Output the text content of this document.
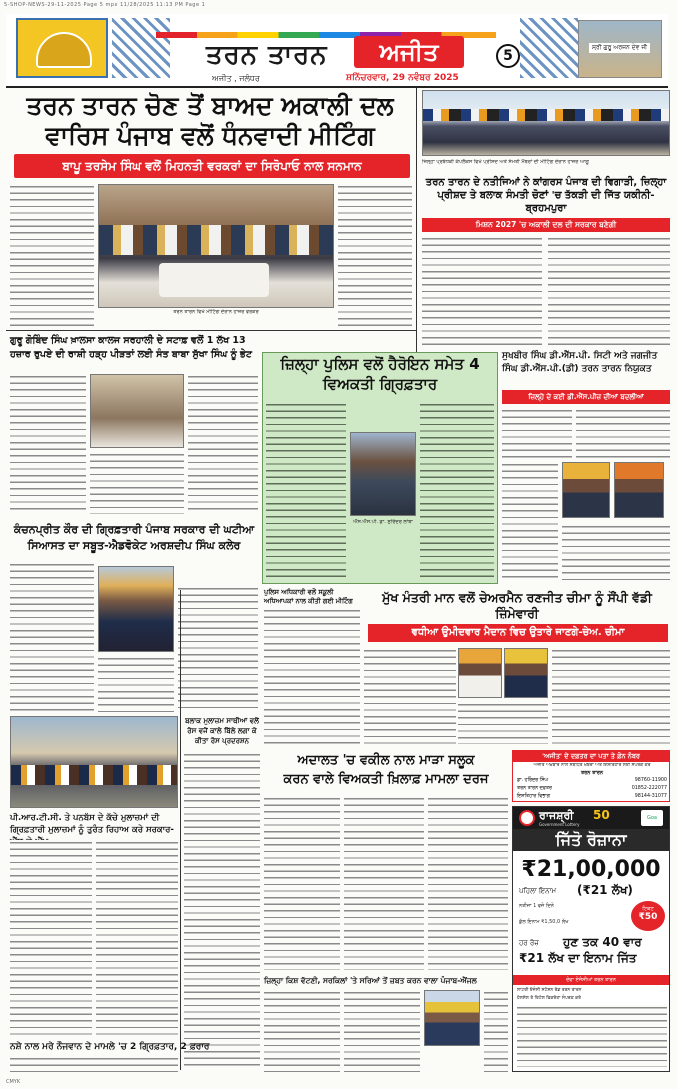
5-SHOP-NEWS-29-11-2025 Page 5 mpx 11/28/2025 11:13 PM Page 1
ਤਰਨ ਤਾਰਨ	ਅਜੀਤ
ਅਜੀਤ , ਜਲੰਧਰ	ਸ਼ਨਿੱਚਰਵਾਰ, 29 ਨਵੰਬਰ 2025
5
ਸ੍ਰੀ ਗੁਰੂ ਅਰਜਨ ਦੇਵ ਜੀ
ਤਰਨ ਤਾਰਨ ਚੋਣ ਤੋਂ ਬਾਅਦ ਅਕਾਲੀ ਦਲ
ਵਾਰਿਸ ਪੰਜਾਬ ਵਲੋਂ ਧੰਨਵਾਦੀ ਮੀਟਿੰਗ
ਬਾਪੂ ਤਰਸੇਮ ਸਿੰਘ ਵਲੋਂ ਮਿਹਨਤੀ ਵਰਕਰਾਂ ਦਾ ਸਿਰੋਪਾਓ ਨਾਲ ਸਨਮਾਨ
ਤਰਨ ਤਾਰਨ ਵਿਖੇ ਮੀਟਿੰਗ ਦੌਰਾਨ ਹਾਜ਼ਰ ਵਰਕਰ
ਜ਼ਿਲ੍ਹਾ ਪ੍ਰਬੰਧਕੀ ਕੰਪਲੈਕਸ ਵਿਖੇ ਪ੍ਰੀਸ਼ਦ ਅਤੇ ਸੰਮਤੀ ਮੈਂਬਰਾਂ ਦੀ ਮੀਟਿੰਗ ਦੌਰਾਨ ਹਾਜ਼ਰ ਆਗੂ
ਤਰਨ ਤਾਰਨ ਦੇ ਨਤੀਜਿਆਂ ਨੇ ਕਾਂਗਰਸ ਪੰਜਾਬ ਦੀ ਵਿਗਾੜੀ, ਜ਼ਿਲ੍ਹਾ ਪ੍ਰੀਸ਼ਦ ਤੇ ਬਲਾਕ ਸੰਮਤੀ ਚੋਣਾਂ 'ਚ ਤੱਕੜੀ ਦੀ ਜਿੱਤ ਯਕੀਨੀ-ਬ੍ਰਹਮਪੁਰਾ
ਮਿਸ਼ਨ 2027 'ਚ ਅਕਾਲੀ ਦਲ ਦੀ ਸਰਕਾਰ ਬਣੇਗੀ
ਗੁਰੂ ਗੋਬਿੰਦ ਸਿੰਘ ਖ਼ਾਲਸਾ ਕਾਲਜ ਸਰਹਾਲੀ ਦੇ ਸਟਾਫ਼ ਵਲੋਂ 1 ਲੱਖ 13 ਹਜ਼ਾਰ ਰੁਪਏ ਦੀ ਰਾਸ਼ੀ ਹੜ੍ਹ ਪੀੜਤਾਂ ਲਈ ਸੰਤ ਬਾਬਾ ਸੁੱਖਾ ਸਿੰਘ ਨੂੰ ਭੇਟ
ਜ਼ਿਲ੍ਹਾ ਪੁਲਿਸ ਵਲੋਂ ਹੈਰੋਇਨ ਸਮੇਤ 4 ਵਿਅਕਤੀ ਗ੍ਰਿਫ਼ਤਾਰ
ਐੱਸ.ਐੱਸ.ਪੀ. ਡਾ. ਸੁਰਿੰਦਰ ਲਾਂਬਾ
ਸੁਖਬੀਰ ਸਿੰਘ ਡੀ.ਐੱਸ.ਪੀ. ਸਿਟੀ ਅਤੇ ਜਗਜੀਤ ਸਿੰਘ ਡੀ.ਐੱਸ.ਪੀ.(ਡੀ) ਤਰਨ ਤਾਰਨ ਨਿਯੁਕਤ
ਜ਼ਿਲ੍ਹੇ ਦੇ ਕਈ ਡੀ.ਐੱਸ.ਪੀਜ਼ ਦੀਆਂ ਬਦਲੀਆਂ
ਕੰਚਨਪ੍ਰੀਤ ਕੌਰ ਦੀ ਗ੍ਰਿਫ਼ਤਾਰੀ ਪੰਜਾਬ ਸਰਕਾਰ ਦੀ ਘਟੀਆ ਸਿਆਸਤ ਦਾ ਸਬੂਤ-ਐਡਵੋਕੇਟ ਅਰਸ਼ਦੀਪ ਸਿੰਘ ਕਲੇਰ
ਬਲਾਕ ਮੁਲਾਜ਼ਮ ਸਾਥੀਆਂ ਵਲੋਂ ਰੋਸ ਵਜੋਂ ਕਾਲੇ ਬਿੱਲੇ ਲਗਾ ਕੇ ਕੀਤਾ ਰੋਸ ਪ੍ਰਦਰਸ਼ਨ
ਪੀ.ਆਰ.ਟੀ.ਸੀ. ਤੇ ਪਨਬੱਸ ਦੇ ਕੱਚੇ ਮੁਲਾਜ਼ਮਾਂ ਦੀ ਗ੍ਰਿਫ਼ਤਾਰੀ ਮੁਲਾਜ਼ਮਾਂ ਨੂੰ ਤੁਰੰਤ ਰਿਹਾਅ ਕਰੇ ਸਰਕਾਰ-
ਨਸ਼ੇ ਨਾਲ ਮਰੇ ਨੌਜਵਾਨ ਦੇ ਮਾਮਲੇ 'ਚ 2 ਗ੍ਰਿਫ਼ਤਾਰ, 2 ਫ਼ਰਾਰ
ਪੁਲਿਸ ਅਧਿਕਾਰੀ ਵਲੋਂ ਸਕੂਲੀ ਅਧਿਆਪਕਾਂ ਨਾਲ ਕੀਤੀ ਗਈ ਮੀਟਿੰਗ	ਮੁੱਖ ਮੰਤਰੀ ਮਾਨ ਵਲੋਂ ਚੇਅਰਮੈਨ ਰਣਜੀਤ ਚੀਮਾ ਨੂੰ ਸੌਂਪੀ ਵੱਡੀ ਜ਼ਿੰਮੇਵਾਰੀ
ਵਧੀਆ ਉਮੀਦਵਾਰ ਮੈਦਾਨ ਵਿਚ ਉਤਾਰੇ ਜਾਣਗੇ-ਚੇਅ. ਚੀਮਾ
ਅਦਾਲਤ 'ਚ ਵਕੀਲ ਨਾਲ ਮਾੜਾ ਸਲੂਕ
ਕਰਨ ਵਾਲੇ ਵਿਅਕਤੀ ਖ਼ਿਲਾਫ਼ ਮਾਮਲਾ ਦਰਜ
ਜ਼ਿਲ੍ਹਾ ਕਿਸ਼ ਵੱਟਣੀ, ਸਰਕਿਲਾਂ 'ਤੇ ਸਰਿਆਂ ਤੋਂ ਜ਼ਬਤ ਕਰਨ ਵਾਲਾ ਪੰਜਾਬ-ਐਂਜਲ
'ਅਜੀਤ' ਦੇ ਦਫ਼ਤਰ ਦਾ ਪਤਾ ਤੇ ਫ਼ੋਨ ਨੰਬਰ
ਅਜੀਤ ਅਖ਼ਬਾਰ ਨਾਲ ਸਬੰਧਿਤ ਖ਼ਬਰਾਂ ਅਤੇ ਇਸ਼ਤਿਹਾਰ ਲਈ ਸੰਪਰਕ ਕਰੋ
ਤਰਨ ਤਾਰਨ
ਡਾ. ਹਰਿੰਦਰ ਸਿੰਘ	98760-11900
ਤਰਨ ਤਾਰਨ ਦਫ਼ਤਰ	01852-222077
ਇਸ਼ਤਿਹਾਰ ਵਿਭਾਗ	98144-31077
ਰਾਜਸ਼੍ਰੀ 50
Government Lottery
Goa
ਜਿੱਤੋ ਰੋਜ਼ਾਨਾ
₹21,00,000
ਪਹਿਲਾ ਇਨਾਮ (₹21 ਲੱਖ)
ਨਤੀਜਾ 1 ਵਜੇ ਦਿਨੇ	ਟਿਕਟ
₹50
ਕੁੱਲ ਇਨਾਮ ₹1,50,0 ਲੱਖ
ਹਰ ਰੋਜ਼ ਹੁਣ ਤਕ 40 ਵਾਰ
₹21 ਲੱਖ ਦਾ ਇਨਾਮ ਜਿੱਤ
ਦੇਵਾ ਏਜੰਸੀਆਂ ਤਰਨ ਤਾਰਨ
ਲਾਟਰੀ ਏਜੰਸੀ ਸਟੇਸ਼ਨ ਰੋਡ ਤਰਨ ਤਾਰਨ
ਹੋਲਸੇਲ ਤੇ ਰਿਟੇਲ ਵਿਕਰੇਤਾ ਸੰਪਰਕ ਕਰੋ
CMYK
